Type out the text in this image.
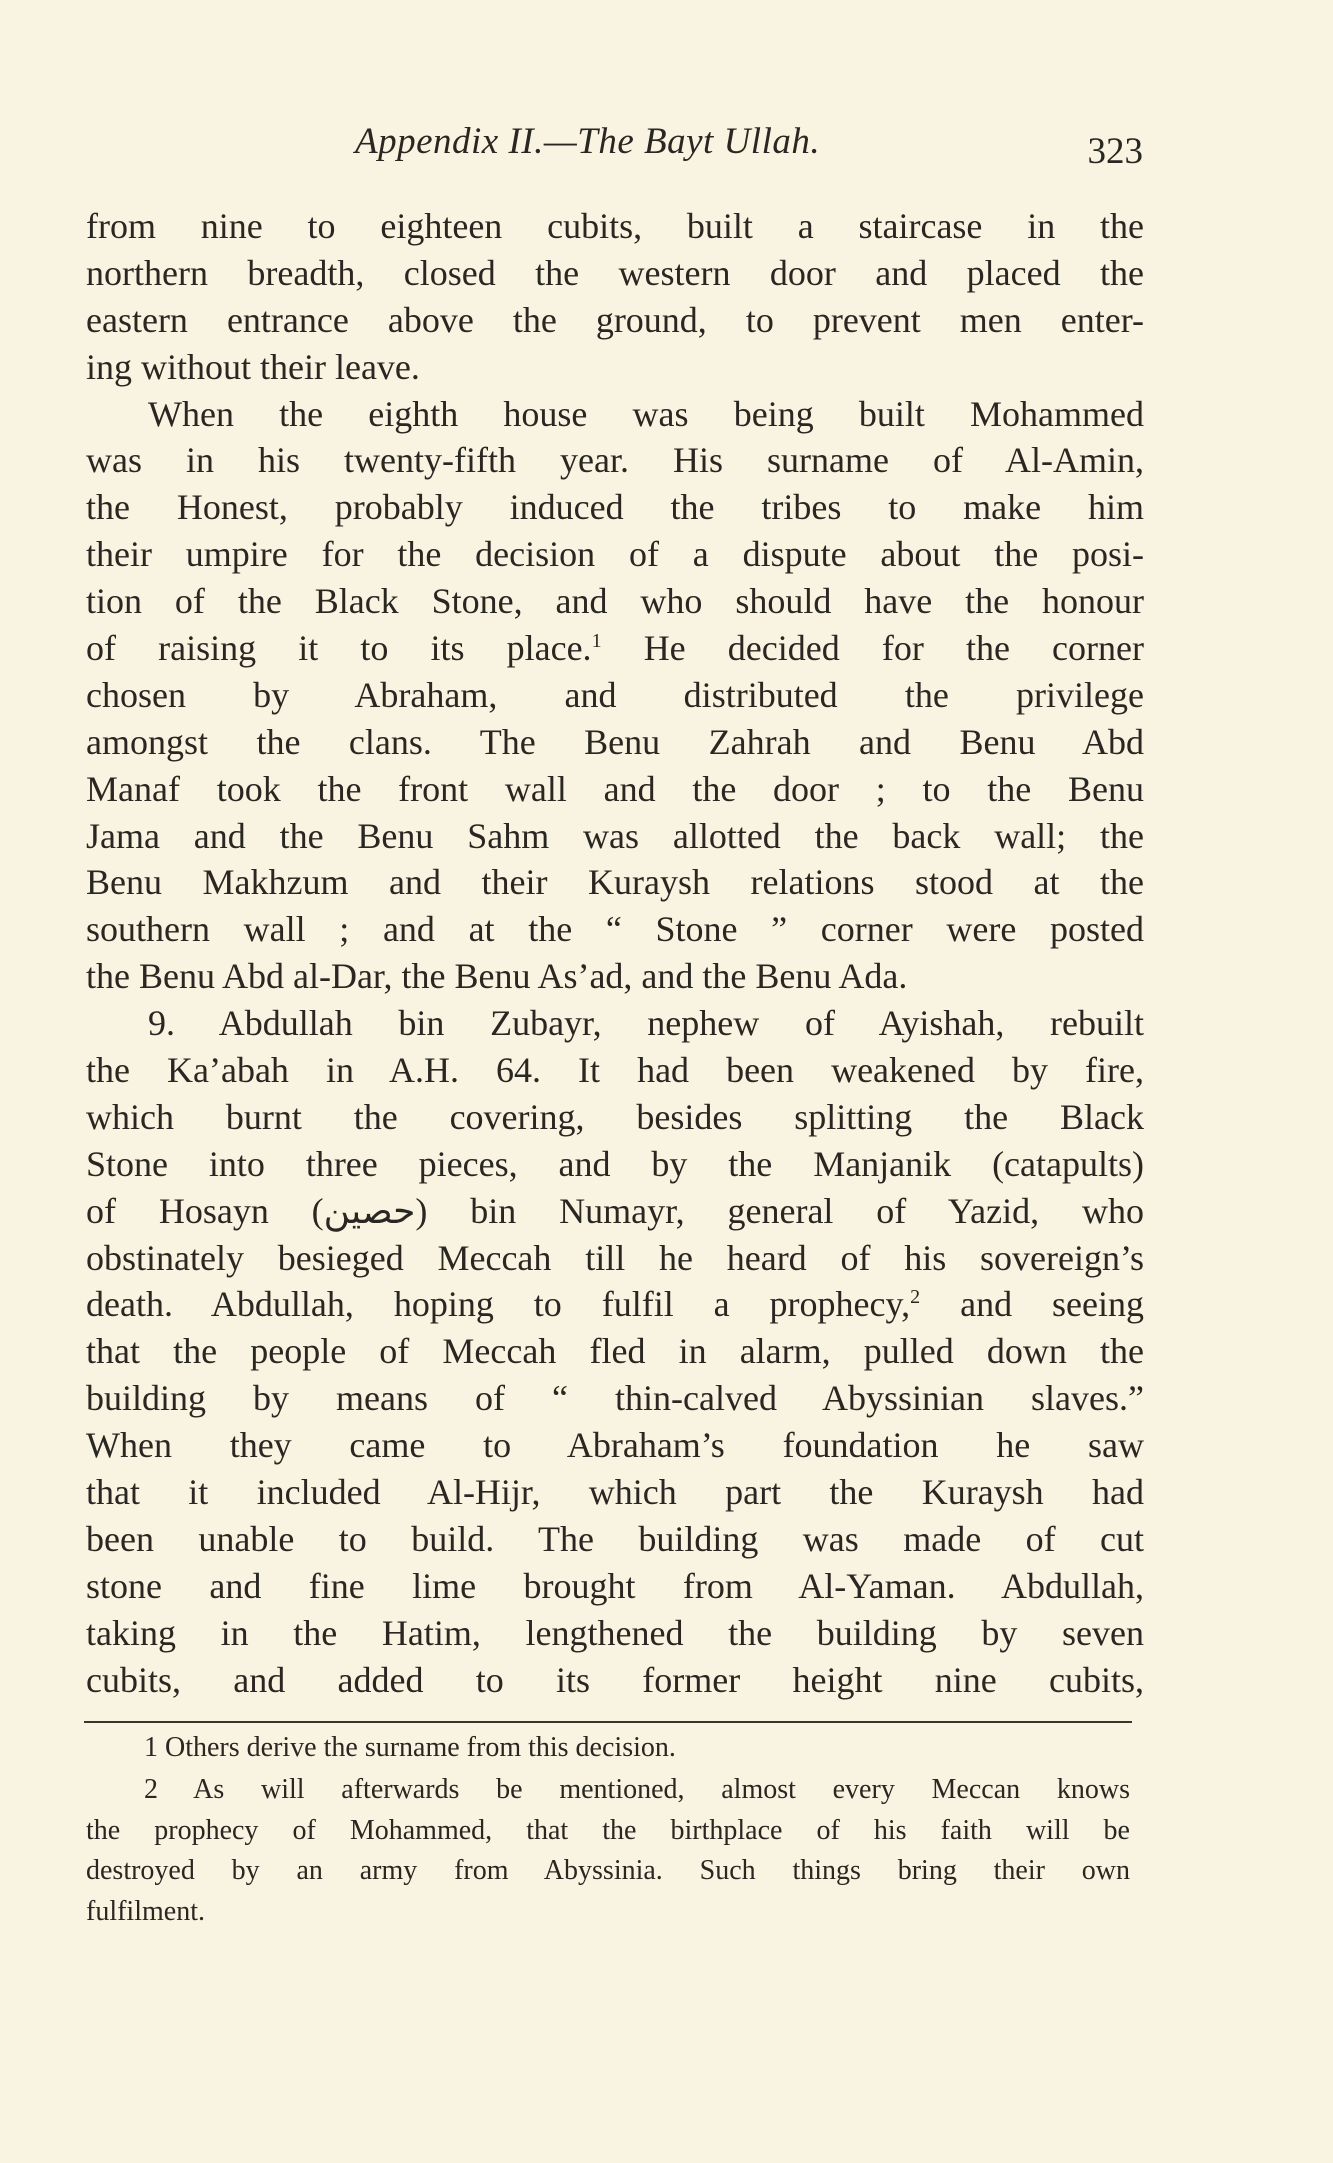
Appendix II.—The Bayt Ullah.	323
from nine to eighteen cubits, built a staircase in the
northern breadth, closed the western door and placed the
eastern entrance above the ground, to prevent men enter-
ing without their leave.
When the eighth house was being built Mohammed
was in his twenty-fifth year. His surname of Al-Amin,
the Honest, probably induced the tribes to make him
their umpire for the decision of a dispute about the posi-
tion of the Black Stone, and who should have the honour
of raising it to its place.$^1$ He decided for the corner
chosen by Abraham, and distributed the privilege
amongst the clans. The Benu Zahrah and Benu Abd
Manaf took the front wall and the door ; to the Benu
Jama and the Benu Sahm was allotted the back wall; the
Benu Makhzum and their Kuraysh relations stood at the
southern wall ; and at the “ Stone ” corner were posted
the Benu Abd al-Dar, the Benu As’ad, and the Benu Ada.
9. Abdullah bin Zubayr, nephew of Ayishah, rebuilt
the Ka’abah in A.H. 64. It had been weakened by fire,
which burnt the covering, besides splitting the Black
Stone into three pieces, and by the Manjanik (catapults)
of Hosayn (حصين) bin Numayr, general of Yazid, who
obstinately besieged Meccah till he heard of his sovereign’s
death. Abdullah, hoping to fulfil a prophecy,$^2$ and seeing
that the people of Meccah fled in alarm, pulled down the
building by means of “ thin-calved Abyssinian slaves.”
When they came to Abraham’s foundation he saw
that it included Al-Hijr, which part the Kuraysh had
been unable to build. The building was made of cut
stone and fine lime brought from Al-Yaman. Abdullah,
taking in the Hatim, lengthened the building by seven
cubits, and added to its former height nine cubits,
1 Others derive the surname from this decision.
2 As will afterwards be mentioned, almost every Meccan knows
the prophecy of Mohammed, that the birthplace of his faith will be
destroyed by an army from Abyssinia. Such things bring their own
fulfilment.
